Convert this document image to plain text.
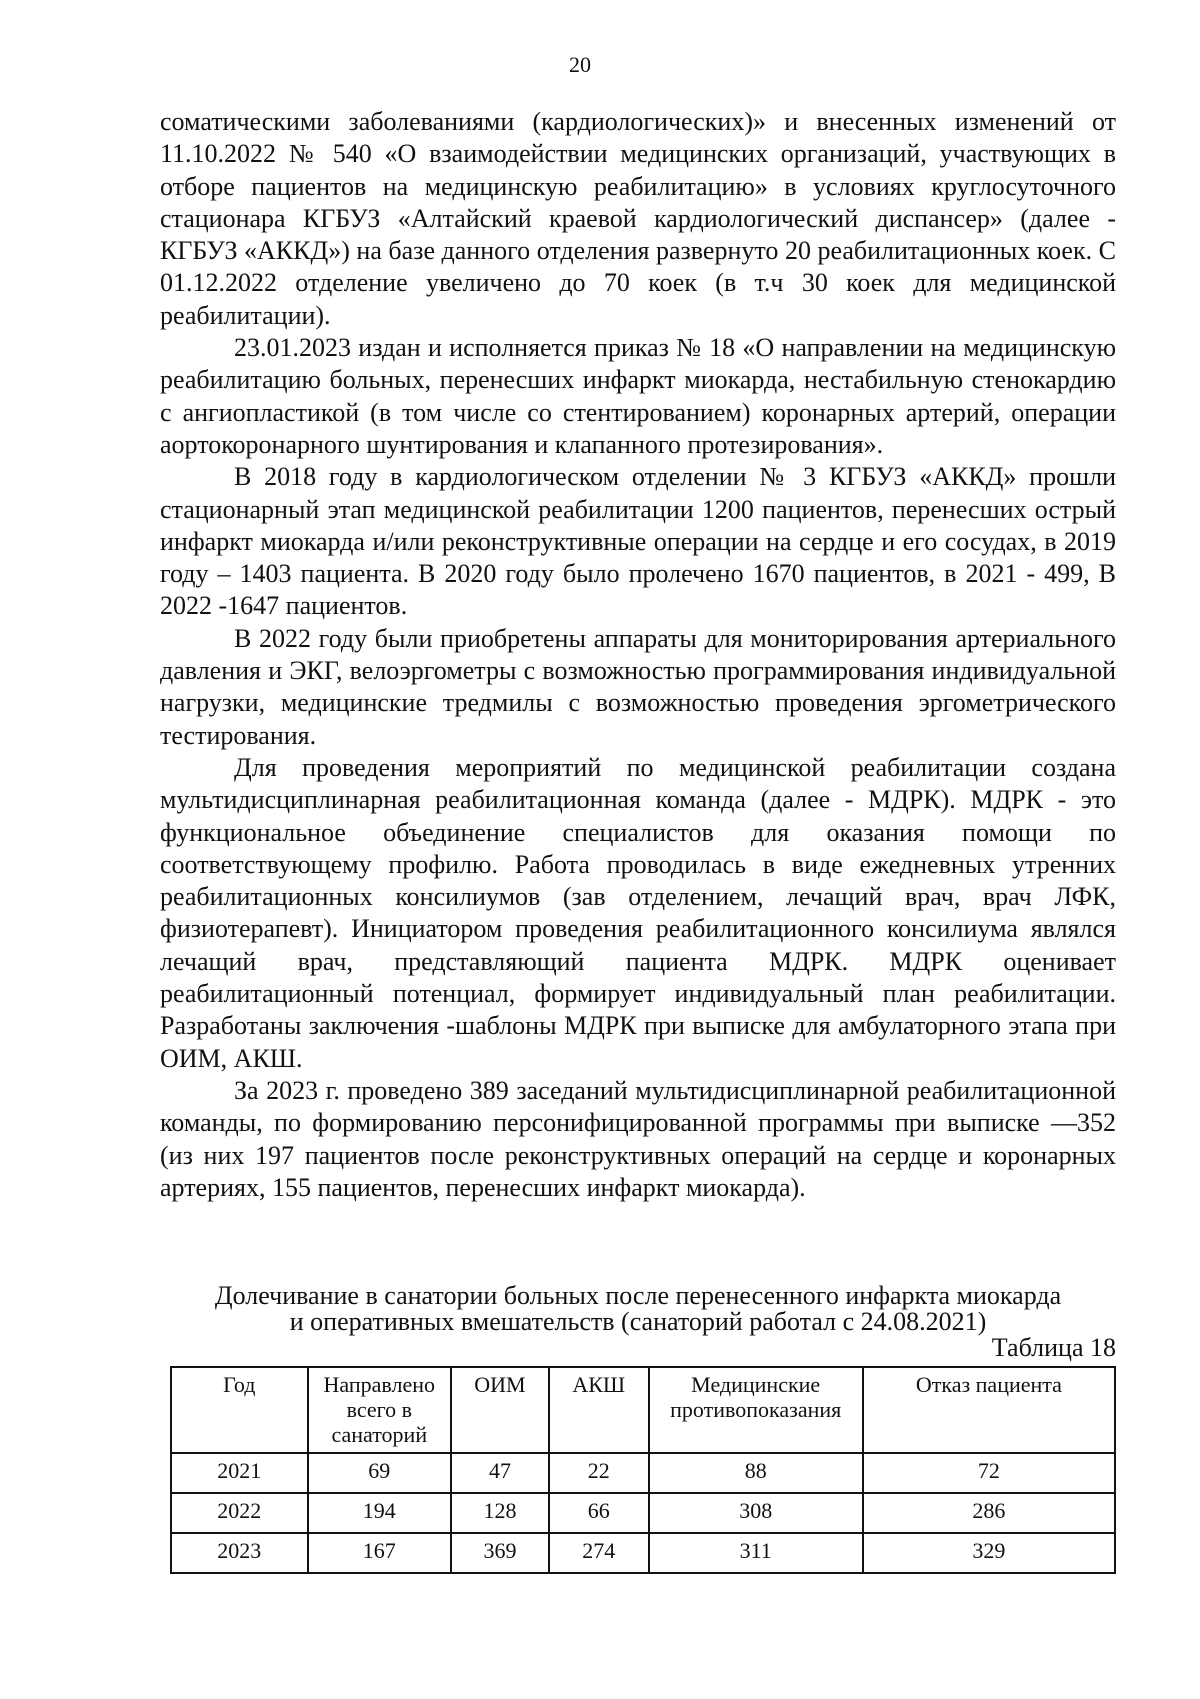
20

соматическими заболеваниями (кардиологических)» и внесенных изменений от 11.10.2022 № 540 «О взаимодействии медицинских организаций, участвующих в отборе пациентов на медицинскую реабилитацию» в условиях круглосуточного стационара КГБУЗ «Алтайский краевой кардиологический диспансер» (далее - КГБУЗ «АККД») на базе данного отделения развернуто 20 реабилитационных коек. С 01.12.2022 отделение увеличено до 70 коек (в т.ч 30 коек для медицинской реабилитации).

23.01.2023 издан и исполняется приказ № 18 «О направлении на медицинскую реабилитацию больных, перенесших инфаркт миокарда, нестабильную стенокардию с ангиопластикой (в том числе со стентированием) коронарных артерий, операции аортокоронарного шунтирования и клапанного протезирования».

В 2018 году в кардиологическом отделении № 3 КГБУЗ «АККД» прошли стационарный этап медицинской реабилитации 1200 пациентов, перенесших острый инфаркт миокарда и/или реконструктивные операции на сердце и его сосудах, в 2019 году – 1403 пациента. В 2020 году было пролечено 1670 пациентов, в 2021 - 499, В 2022 -1647 пациентов.

В 2022 году были приобретены аппараты для мониторирования артериального давления и ЭКГ, велоэргометры с возможностью программирования индивидуальной нагрузки, медицинские тредмилы с возможностью проведения эргометрического тестирования.

Для проведения мероприятий по медицинской реабилитации создана мультидисциплинарная реабилитационная команда (далее - МДРК). МДРК - это функциональное объединение специалистов для оказания помощи по соответствующему профилю. Работа проводилась в виде ежедневных утренних реабилитационных консилиумов (зав отделением, лечащий врач, врач ЛФК, физиотерапевт). Инициатором проведения реабилитационного консилиума являлся лечащий врач, представляющий пациента МДРК. МДРК оценивает реабилитационный потенциал, формирует индивидуальный план реабилитации. Разработаны заключения -шаблоны МДРК при выписке для амбулаторного этапа при ОИМ, АКШ.

За 2023 г. проведено 389 заседаний мультидисциплинарной реабилитационной команды, по формированию персонифицированной программы при выписке —352 (из них 197 пациентов после реконструктивных операций на сердце и коронарных артериях, 155 пациентов, перенесших инфаркт миокарда).

Долечивание в санатории больных после перенесенного инфаркта миокарда
и оперативных вмешательств (санаторий работал с 24.08.2021)
Таблица 18
Год	Направлено всего в санаторий	ОИМ	АКШ	Медицинские противопоказания	Отказ пациента
2021	69	47	22	88	72
2022	194	128	66	308	286
2023	167	369	274	311	329
